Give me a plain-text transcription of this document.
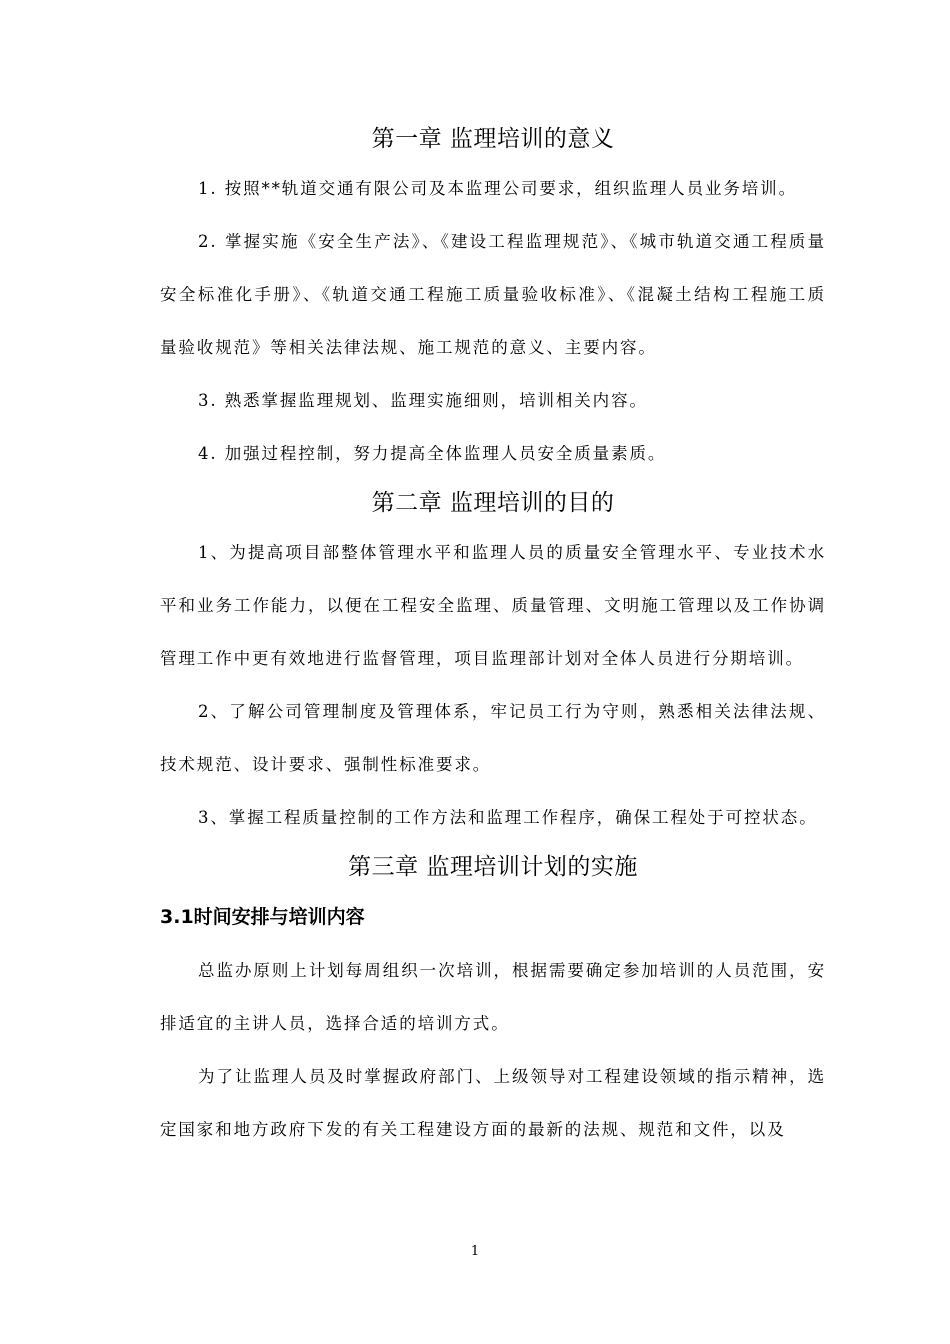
第一章 监理培训的意义

1. 按照**轨道交通有限公司及本监理公司要求，组织监理人员业务培训。

2. 掌握实施《安全生产法》、《建设工程监理规范》、《城市轨道交通工程质量安全标准化手册》、《轨道交通工程施工质量验收标准》、《混凝土结构工程施工质量验收规范》等相关法律法规、施工规范的意义、主要内容。

3. 熟悉掌握监理规划、监理实施细则，培训相关内容。

4. 加强过程控制，努力提高全体监理人员安全质量素质。

第二章 监理培训的目的

1、为提高项目部整体管理水平和监理人员的质量安全管理水平、专业技术水平和业务工作能力，以便在工程安全监理、质量管理、文明施工管理以及工作协调管理工作中更有效地进行监督管理，项目监理部计划对全体人员进行分期培训。

2、了解公司管理制度及管理体系，牢记员工行为守则，熟悉相关法律法规、技术规范、设计要求、强制性标准要求。

3、掌握工程质量控制的工作方法和监理工作程序，确保工程处于可控状态。

第三章 监理培训计划的实施
3.1时间安排与培训内容

总监办原则上计划每周组织一次培训，根据需要确定参加培训的人员范围，安排适宜的主讲人员，选择合适的培训方式。

为了让监理人员及时掌握政府部门、上级领导对工程建设领域的指示精神，选定国家和地方政府下发的有关工程建设方面的最新的法规、规范和文件，以及

1
